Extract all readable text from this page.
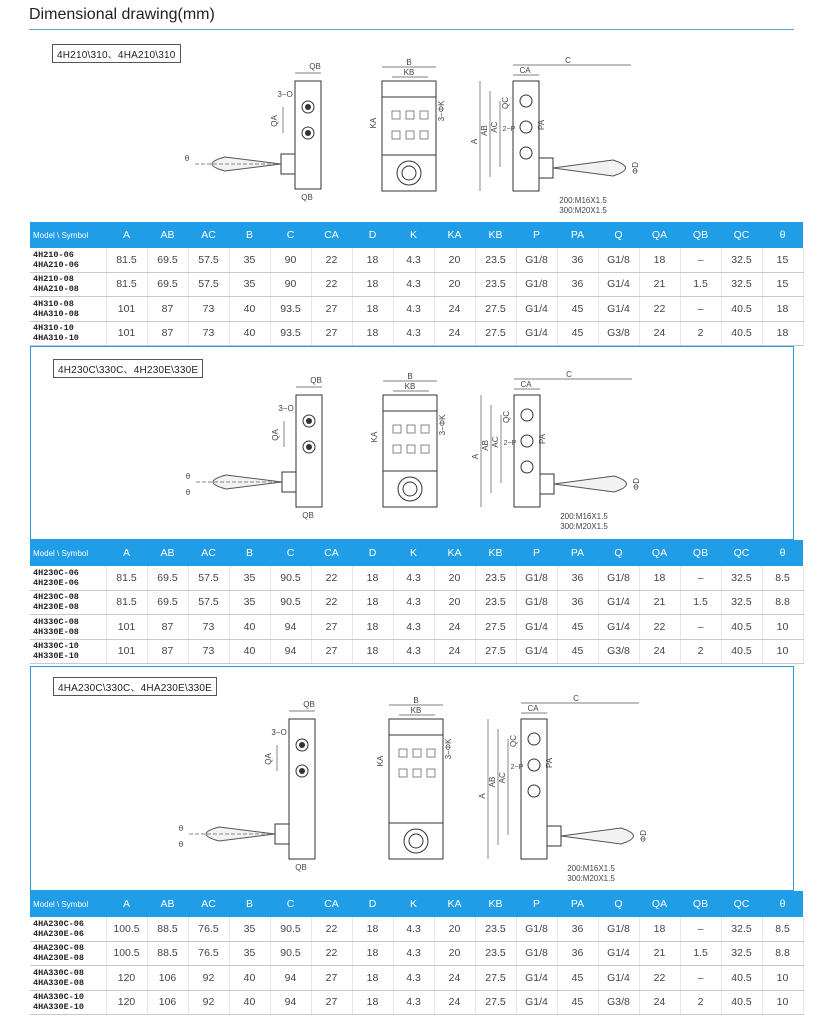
Dimensional drawing(mm)
QB
3−O
QA
θ
QB
B
KB
KA
3−ΦK
C
CA
A
AB AC
QC
2−P	PA
ΦD
200:M16X1.5
300:M20X1.5
4H210\310、4HA210\310
Model \ Symbol	A	AB	AC	B	C	CA	D	K	KA	KB	P	PA	Q	QA	QB	QC	θ

4H210-06
4HA210-06	81.5	69.5	57.5	35	90	22	18	4.3	20	23.5	G1/8	36	G1/8	18	–	32.5	15

4H210-08
4HA210-08	81.5	69.5	57.5	35	90	22	18	4.3	20	23.5	G1/8	36	G1/4	21	1.5	32.5	15

4H310-08
4HA310-08	101	87	73	40	93.5	27	18	4.3	24	27.5	G1/4	45	G1/4	22	–	40.5	18

4H310-10
4HA310-10	101	87	73	40	93.5	27	18	4.3	24	27.5	G1/4	45	G3/8	24	2	40.5	18
QB
3−O
QA
θ
θ
QB
B
KB
KA
3−ΦK
C
CA
A
AB AC
QC
2−P	PA
ΦD
200:M16X1.5
300:M20X1.5
4H230C\330C、4H230E\330E
Model \ Symbol	A	AB	AC	B	C	CA	D	K	KA	KB	P	PA	Q	QA	QB	QC	θ

4H230C-06
4H230E-06	81.5	69.5	57.5	35	90.5	22	18	4.3	20	23.5	G1/8	36	G1/8	18	–	32.5	8.5

4H230C-08
4H230E-08	81.5	69.5	57.5	35	90.5	22	18	4.3	20	23.5	G1/8	36	G1/4	21	1.5	32.5	8.8

4H330C-08
4H330E-08	101	87	73	40	94	27	18	4.3	24	27.5	G1/4	45	G1/4	22	–	40.5	10

4H330C-10
4H330E-10	101	87	73	40	94	27	18	4.3	24	27.5	G1/4	45	G3/8	24	2	40.5	10
QB
3−O
QA
θ
θ
QB
B
KB
KA
3−ΦK
C
CA
A
AB AC
QC
2−P	PA
ΦD
200:M16X1.5
300:M20X1.5
4HA230C\330C、4HA230E\330E
Model \ Symbol	A	AB	AC	B	C	CA	D	K	KA	KB	P	PA	Q	QA	QB	QC	θ

4HA230C-06
4HA230E-06	100.5	88.5	76.5	35	90.5	22	18	4.3	20	23.5	G1/8	36	G1/8	18	–	32.5	8.5

4HA230C-08
4HA230E-08	100.5	88.5	76.5	35	90.5	22	18	4.3	20	23.5	G1/8	36	G1/4	21	1.5	32.5	8.8

4HA330C-08
4HA330E-08	120	106	92	40	94	27	18	4.3	24	27.5	G1/4	45	G1/4	22	–	40.5	10

4HA330C-10
4HA330E-10	120	106	92	40	94	27	18	4.3	24	27.5	G1/4	45	G3/8	24	2	40.5	10
